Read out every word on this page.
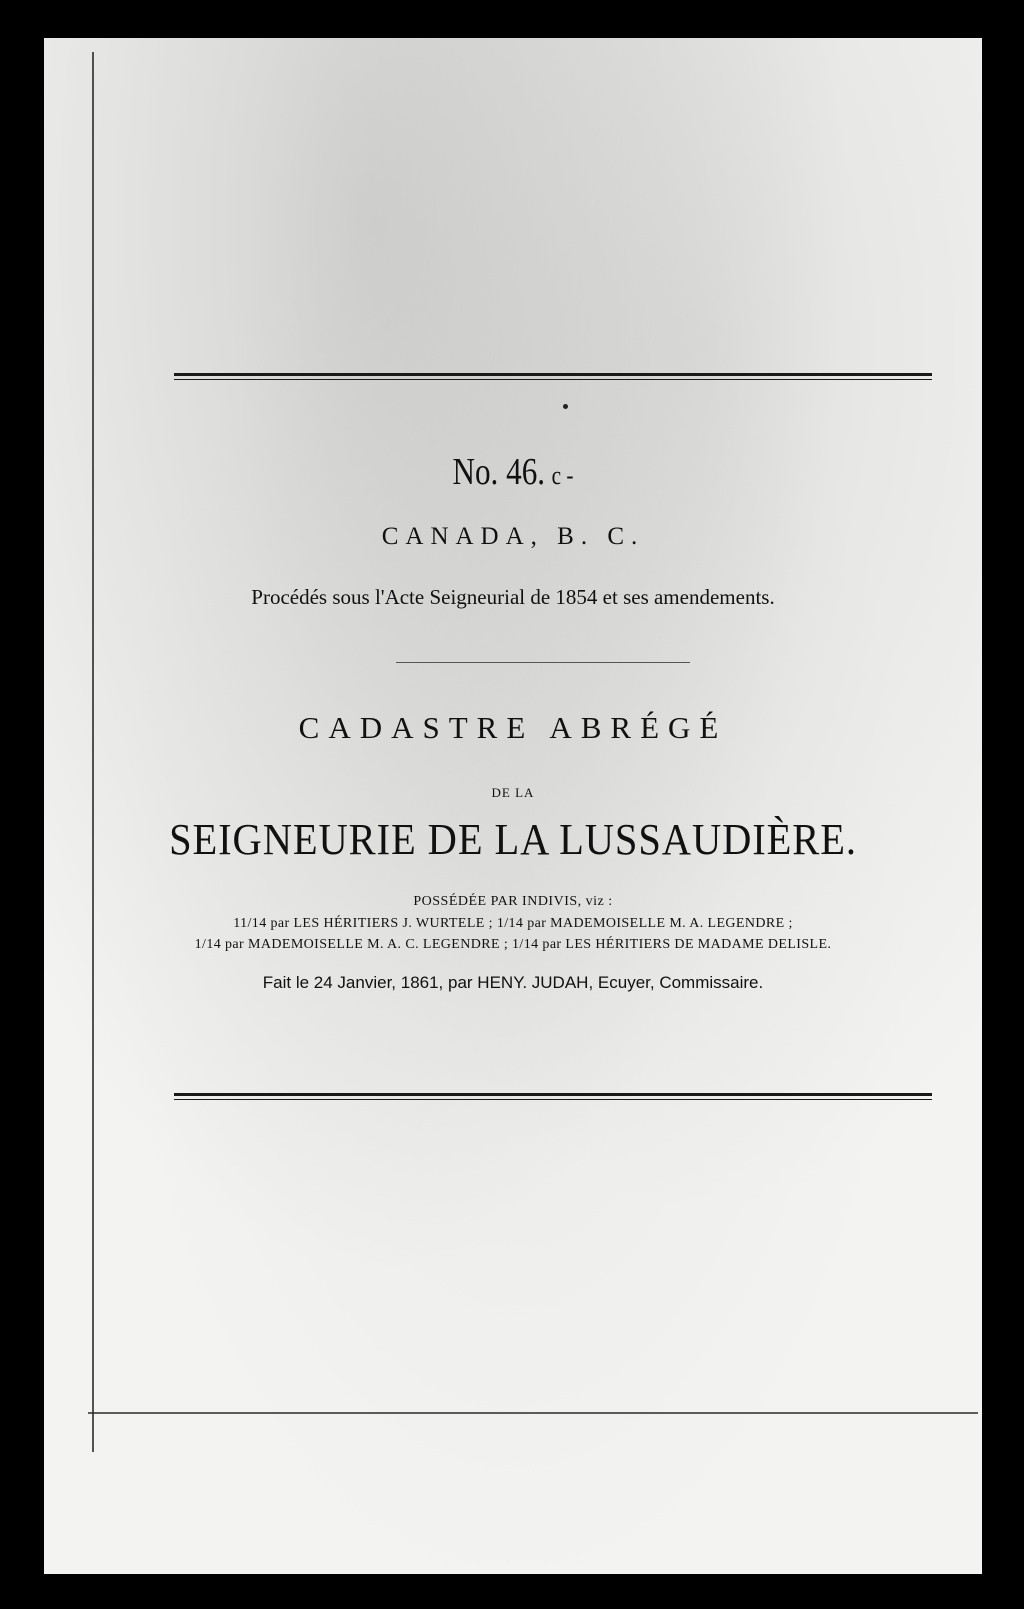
No. 46. c -
CANADA, B. C.
Procédés sous l'Acte Seigneurial de 1854 et ses amendements.
CADASTRE ABRÉGÉ
DE LA
SEIGNEURIE DE LA LUSSAUDIÈRE.
POSSÉDÉE PAR INDIVIS, viz :
11/14 par LES HÉRITIERS J. WURTELE ; 1/14 par MADEMOISELLE M. A. LEGENDRE ;
1/14 par MADEMOISELLE M. A. C. LEGENDRE ; 1/14 par LES HÉRITIERS DE MADAME DELISLE.
Fait le 24 Janvier, 1861, par HENY. JUDAH, Ecuyer, Commissaire.
